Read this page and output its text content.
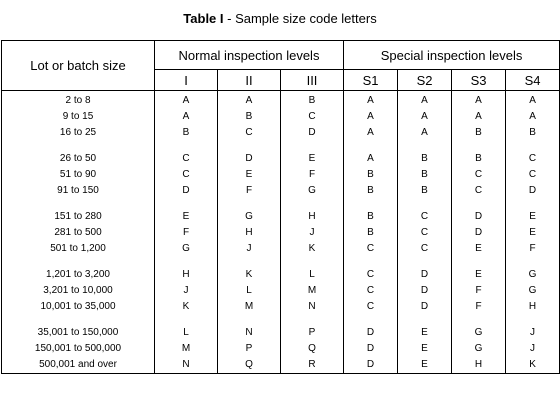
Table I - Sample size code letters
Lot or batch size	Normal inspection levels			Special inspection levels			
	I	II	III	S1	S2	S3	S4
2 to 8	A	A	B	A	A	A	A
9 to 15	A	B	C	A	A	A	A
16 to 25	B	C	D	A	A	B	B

26 to 50	C	D	E	A	B	B	C
51 to 90	C	E	F	B	B	C	C
91 to 150	D	F	G	B	B	C	D

151 to 280	E	G	H	B	C	D	E
281 to 500	F	H	J	B	C	D	E
501 to 1,200	G	J	K	C	C	E	F

1,201 to 3,200	H	K	L	C	D	E	G
3,201 to 10,000	J	L	M	C	D	F	G
10,001 to 35,000	K	M	N	C	D	F	H

35,001 to 150,000	L	N	P	D	E	G	J
150,001 to 500,000	M	P	Q	D	E	G	J
500,001 and over	N	Q	R	D	E	H	K
